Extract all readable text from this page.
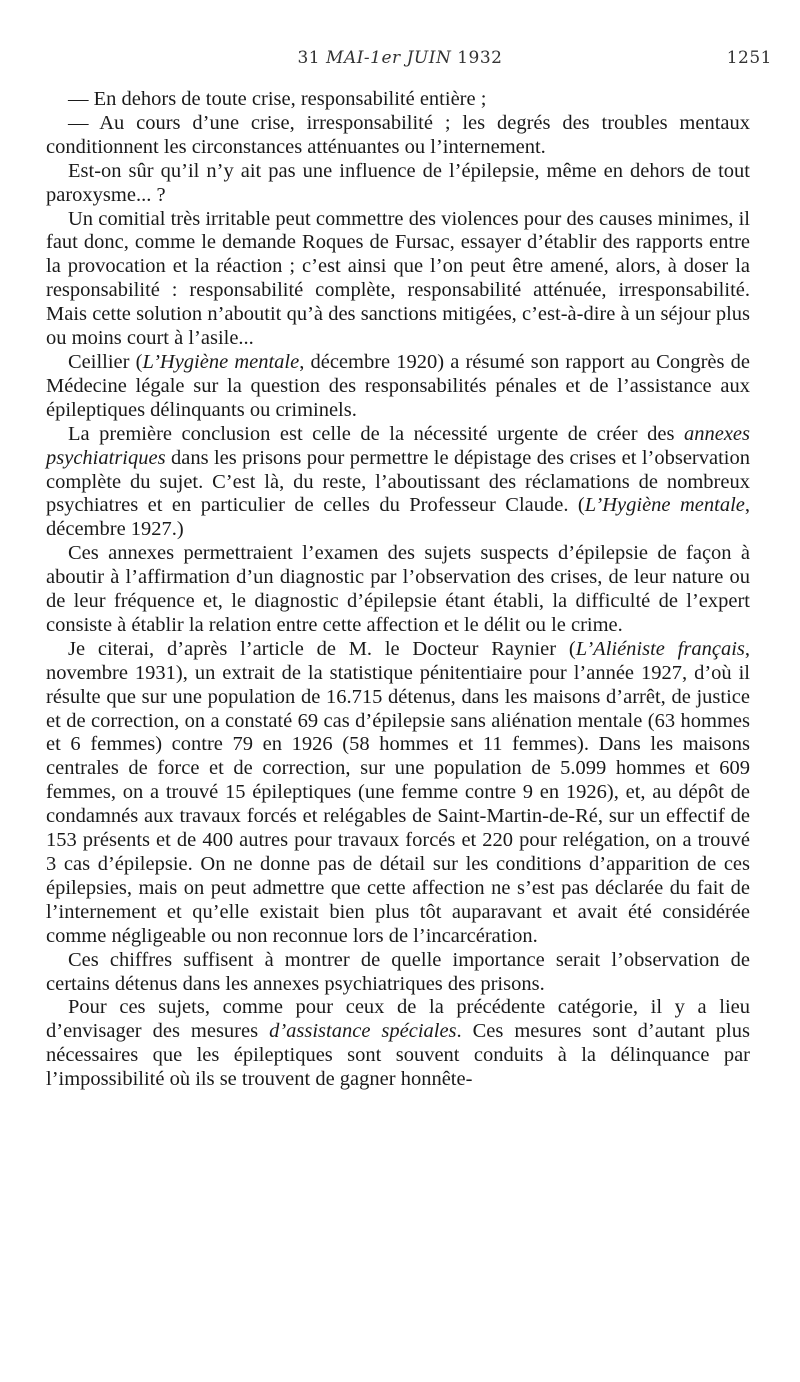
31 MAI-1er JUIN 1932	1251

— En dehors de toute crise, responsabilité entière ;

— Au cours d’une crise, irresponsabilité ; les degrés des troubles mentaux conditionnent les circonstances atténuantes ou l’internement.

Est-on sûr qu’il n’y ait pas une influence de l’épilepsie, même en dehors de tout paroxysme... ?

Un comitial très irritable peut commettre des violences pour des causes minimes, il faut donc, comme le demande Roques de Fursac, essayer d’établir des rapports entre la provocation et la réaction ; c’est ainsi que l’on peut être amené, alors, à doser la responsabilité : responsabilité complète, responsabilité atténuée, irresponsabilité. Mais cette solution n’aboutit qu’à des sanctions mitigées, c’est-à-dire à un séjour plus ou moins court à l’asile...

Ceillier (L’Hygiène mentale, décembre 1920) a résumé son rapport au Congrès de Médecine légale sur la question des responsabilités pénales et de l’assistance aux épileptiques délinquants ou criminels.

La première conclusion est celle de la nécessité urgente de créer des annexes psychiatriques dans les prisons pour permettre le dépistage des crises et l’observation complète du sujet. C’est là, du reste, l’aboutissant des réclamations de nombreux psychiatres et en particulier de celles du Professeur Claude. (L’Hygiène mentale, décembre 1927.)

Ces annexes permettraient l’examen des sujets suspects d’épilepsie de façon à aboutir à l’affirmation d’un diagnostic par l’observation des crises, de leur nature ou de leur fréquence et, le diagnostic d’épilepsie étant établi, la difficulté de l’expert consiste à établir la relation entre cette affection et le délit ou le crime.

Je citerai, d’après l’article de M. le Docteur Raynier (L’Aliéniste français, novembre 1931), un extrait de la statistique pénitentiaire pour l’année 1927, d’où il résulte que sur une population de 16.715 détenus, dans les maisons d’arrêt, de justice et de correction, on a constaté 69 cas d’épilepsie sans aliénation mentale (63 hommes et 6 femmes) contre 79 en 1926 (58 hommes et 11 femmes). Dans les maisons centrales de force et de correction, sur une population de 5.099 hommes et 609 femmes, on a trouvé 15 épileptiques (une femme contre 9 en 1926), et, au dépôt de condamnés aux travaux forcés et relégables de Saint-Martin-de-Ré, sur un effectif de 153 présents et de 400 autres pour travaux forcés et 220 pour relégation, on a trouvé 3 cas d’épilepsie. On ne donne pas de détail sur les conditions d’apparition de ces épilepsies, mais on peut admettre que cette affection ne s’est pas déclarée du fait de l’internement et qu’elle existait bien plus tôt auparavant et avait été considérée comme négligeable ou non reconnue lors de l’incarcération.

Ces chiffres suffisent à montrer de quelle importance serait l’observation de certains détenus dans les annexes psychiatriques des prisons.

Pour ces sujets, comme pour ceux de la précédente catégorie, il y a lieu d’envisager des mesures d’assistance spéciales. Ces mesures sont d’autant plus nécessaires que les épileptiques sont souvent conduits à la délinquance par l’impossibilité où ils se trouvent de gagner honnête-
